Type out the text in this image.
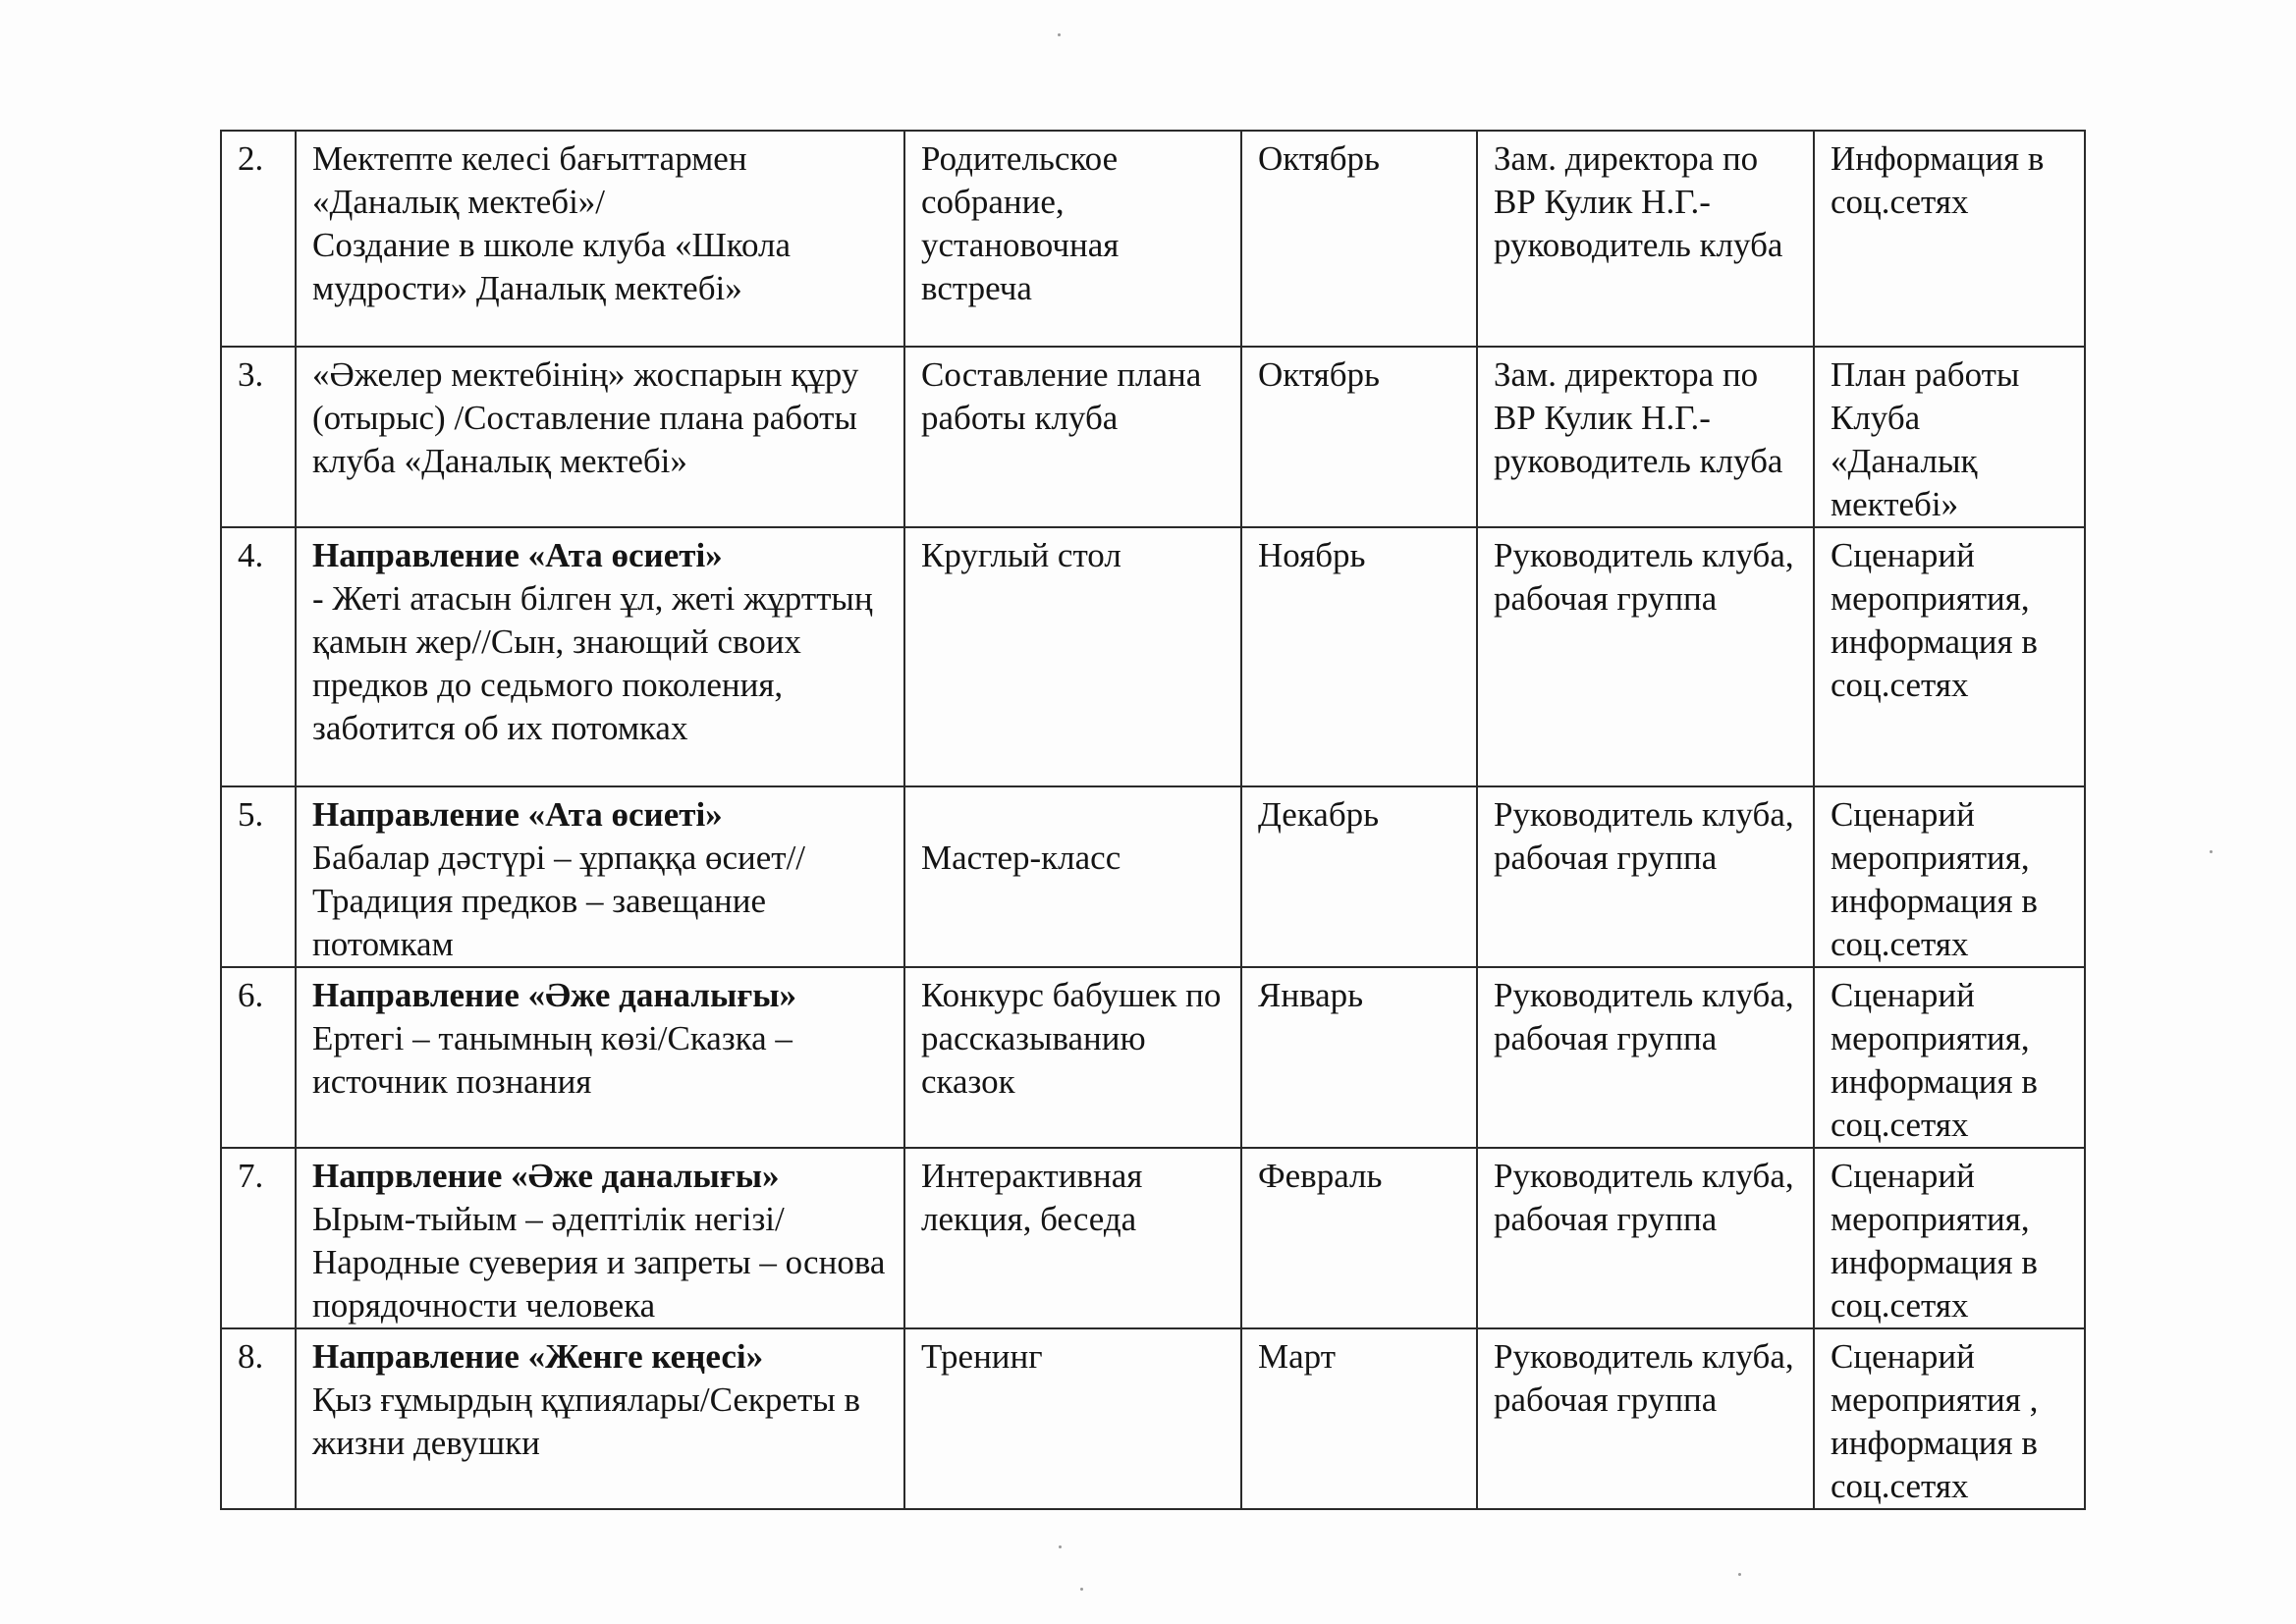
2.	Мектепте келесі бағыттармен «Даналық мектебі»/
Создание в школе клуба «Школа мудрости» Даналық мектебі»	Родительское собрание, установочная встреча	Октябрь	Зам. директора по ВР Кулик Н.Г.- руководитель клуба	Информация в соц.сетях
3.	«Әжелер мектебінің» жоспарын құру (отырыс) /Составление плана работы клуба «Даналық мектебі»	Составление плана работы клуба	Октябрь	Зам. директора по ВР Кулик Н.Г.- руководитель клуба	План работы Клуба «Даналық мектебі»
4.	Направление «Ата өсиеті»
- Жеті атасын білген ұл, жеті жұрттың қамын жер//Сын, знающий своих предков до седьмого поколения, заботится об их потомках	Круглый стол	Ноябрь	Руководитель клуба, рабочая группа	Сценарий мероприятия, информация в соц.сетях
5.	Направление «Ата өсиеті»
Бабалар дәстүрі – ұрпаққа өсиет//Традиция предков – завещание потомкам	Мастер-класс	Декабрь	Руководитель клуба, рабочая группа	Сценарий мероприятия, информация в соц.сетях
6.	Направление «Әже даналығы»
Ертегі – танымның көзі/Сказка – источник познания	Конкурс бабушек по рассказыванию сказок	Январь	Руководитель клуба, рабочая группа	Сценарий мероприятия, информация в соц.сетях
7.	Напрвление «Әже даналығы»
Ырым-тыйым – әдептілік негізі/Народные суеверия и запреты – основа порядочности человека	Интерактивная лекция, беседа	Февраль	Руководитель клуба, рабочая группа	Сценарий мероприятия, информация в соц.сетях
8.	Направление «Женге кеңесі»
Қыз ғұмырдың құпиялары/Секреты в жизни девушки	Тренинг	Март	Руководитель клуба, рабочая группа	Сценарий мероприятия , информация в соц.сетях
